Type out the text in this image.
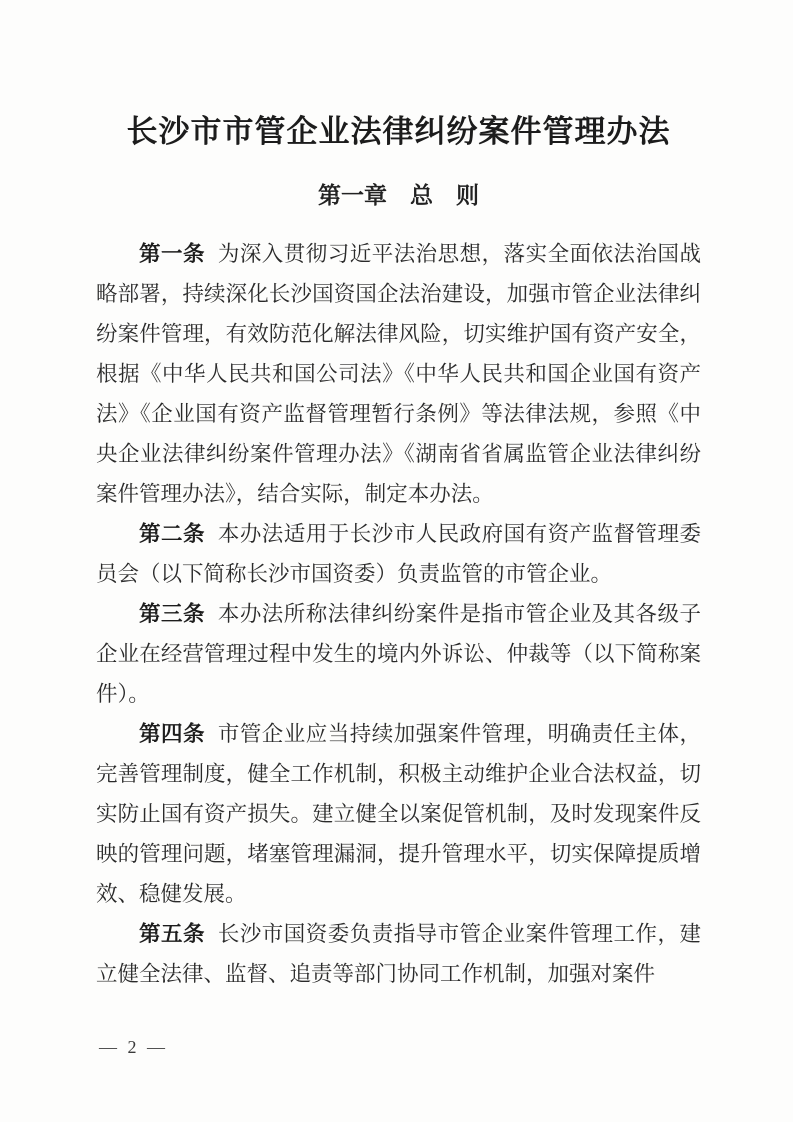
长沙市市管企业法律纠纷案件管理办法
第一章　总　则

第一条 为深入贯彻习近平法治思想，落实全面依法治国战略部署，持续深化长沙国资国企法治建设，加强市管企业法律纠纷案件管理，有效防范化解法律风险，切实维护国有资产安全，根据《中华人民共和国公司法》《中华人民共和国企业国有资产法》《企业国有资产监督管理暂行条例》等法律法规，参照《中央企业法律纠纷案件管理办法》《湖南省省属监管企业法律纠纷案件管理办法》，结合实际，制定本办法。

第二条 本办法适用于长沙市人民政府国有资产监督管理委员会（以下简称长沙市国资委）负责监管的市管企业。

第三条 本办法所称法律纠纷案件是指市管企业及其各级子企业在经营管理过程中发生的境内外诉讼、仲裁等（以下简称案件）。

第四条 市管企业应当持续加强案件管理，明确责任主体，完善管理制度，健全工作机制，积极主动维护企业合法权益，切实防止国有资产损失。建立健全以案促管机制，及时发现案件反映的管理问题，堵塞管理漏洞，提升管理水平，切实保障提质增效、稳健发展。

第五条 长沙市国资委负责指导市管企业案件管理工作，建立健全法律、监督、追责等部门协同工作机制，加强对案件

— 2 —
